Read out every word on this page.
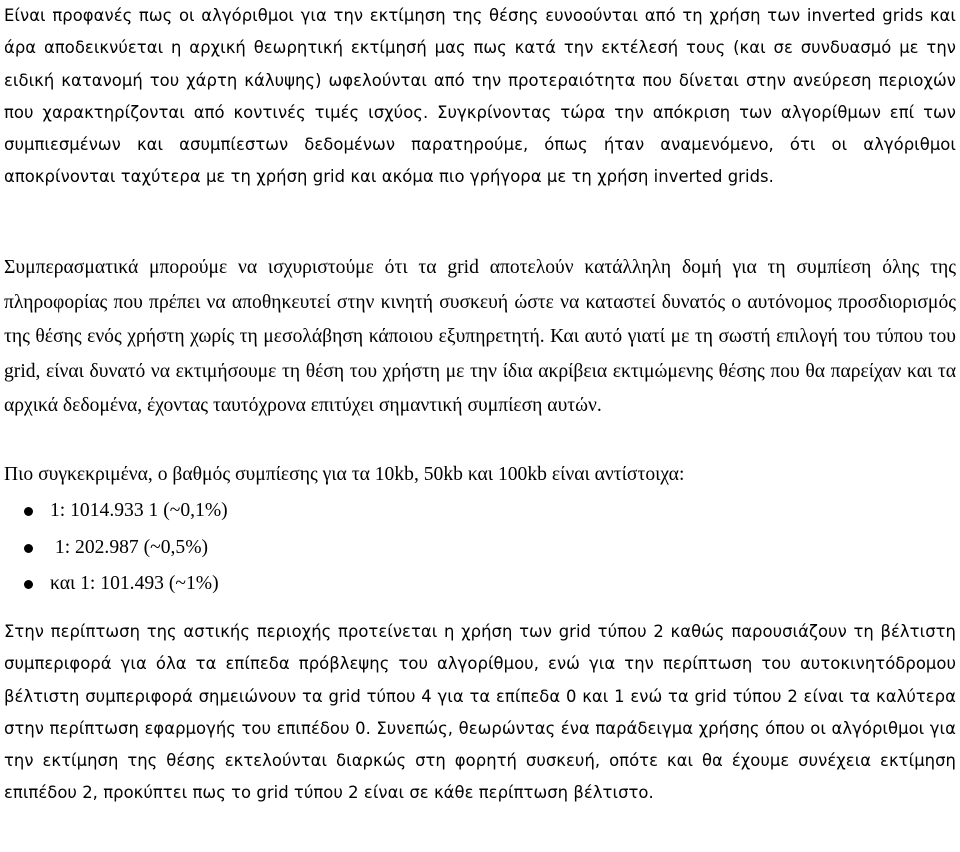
Είναι προφανές πως οι αλγόριθμοι για την εκτίμηση της θέσης ευνοούνται από τη χρήση των inverted grids και άρα αποδεικνύεται η αρχική θεωρητική εκτίμησή μας πως κατά την εκτέλεσή τους (και σε συνδυασμό με την ειδική κατανομή του χάρτη κάλυψης) ωφελούνται από την προτεραιότητα που δίνεται στην ανεύρεση περιοχών που χαρακτηρίζονται από κοντινές τιμές ισχύος. Συγκρίνοντας τώρα την απόκριση των αλγορίθμων επί των συμπιεσμένων και ασυμπίεστων δεδομένων παρατηρούμε, όπως ήταν αναμενόμενο, ότι οι αλγόριθμοι αποκρίνονται ταχύτερα με τη χρήση grid και ακόμα πιο γρήγορα με τη χρήση inverted grids.

Συμπερασματικά μπορούμε να ισχυριστούμε ότι τα grid αποτελούν κατάλληλη δομή για τη συμπίεση όλης της πληροφορίας που πρέπει να αποθηκευτεί στην κινητή συσκευή ώστε να καταστεί δυνατός ο αυτόνομος προσδιορισμός της θέσης ενός χρήστη χωρίς τη μεσολάβηση κάποιου εξυπηρετητή. Και αυτό γιατί με τη σωστή επιλογή του τύπου του grid, είναι δυνατό να εκτιμήσουμε τη θέση του χρήστη με την ίδια ακρίβεια εκτιμώμενης θέσης που θα παρείχαν και τα αρχικά δεδομένα, έχοντας ταυτόχρονα επιτύχει σημαντική συμπίεση αυτών.

Πιο συγκεκριμένα, ο βαθμός συμπίεσης για τα 10kb, 50kb και 100kb είναι αντίστοιχα:

1: 1014.933 1 (~0,1%)
1: 202.987 (~0,5%)
και 1: 101.493 (~1%)

Στην περίπτωση της αστικής περιοχής προτείνεται η χρήση των grid τύπου 2 καθώς παρουσιάζουν τη βέλτιστη συμπεριφορά για όλα τα επίπεδα πρόβλεψης του αλγορίθμου, ενώ για την περίπτωση του αυτοκινητόδρομου βέλτιστη συμπεριφορά σημειώνουν τα grid τύπου 4 για τα επίπεδα 0 και 1 ενώ τα grid τύπου 2 είναι τα καλύτερα στην περίπτωση εφαρμογής του επιπέδου 0. Συνεπώς, θεωρώντας ένα παράδειγμα χρήσης όπου οι αλγόριθμοι για την εκτίμηση της θέσης εκτελούνται διαρκώς στη φορητή συσκευή, οπότε και θα έχουμε συνέχεια εκτίμηση επιπέδου 2, προκύπτει πως το grid τύπου 2 είναι σε κάθε περίπτωση βέλτιστο.
